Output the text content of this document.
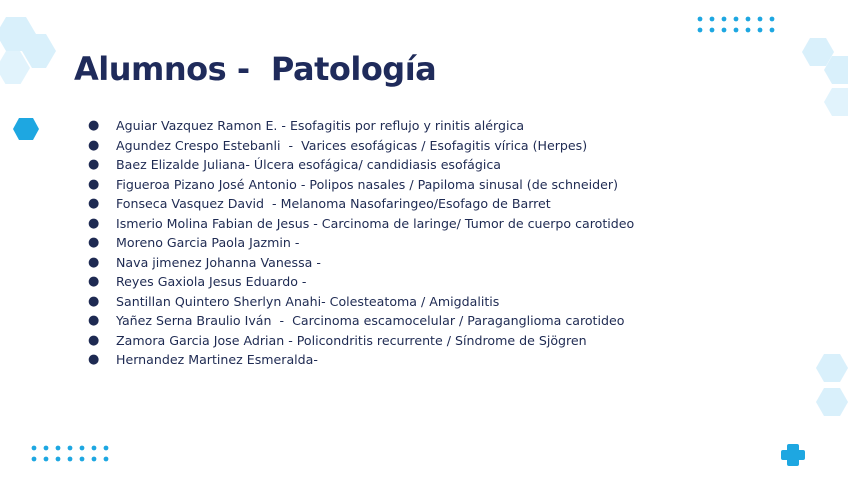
Alumnos -  Patología
● Aguiar Vazquez Ramon E. - Esofagitis por reflujo y rinitis alérgica
● Agundez Crespo Estebanli  -  Varices esofágicas / Esofagitis vírica (Herpes)
● Baez Elizalde Juliana- Úlcera esofágica/ candidiasis esofágica
● Figueroa Pizano José Antonio - Polipos nasales / Papiloma sinusal (de schneider)
● Fonseca Vasquez David  - Melanoma Nasofaringeo/Esofago de Barret
● Ismerio Molina Fabian de Jesus - Carcinoma de laringe/ Tumor de cuerpo carotideo
● Moreno Garcia Paola Jazmin -
● Nava jimenez Johanna Vanessa -
● Reyes Gaxiola Jesus Eduardo -
● Santillan Quintero Sherlyn Anahi- Colesteatoma / Amigdalitis
● Yañez Serna Braulio Iván  -  Carcinoma escamocelular / Paraganglioma carotideo
● Zamora Garcia Jose Adrian - Policondritis recurrente / Síndrome de Sjögren
● Hernandez Martinez Esmeralda-
